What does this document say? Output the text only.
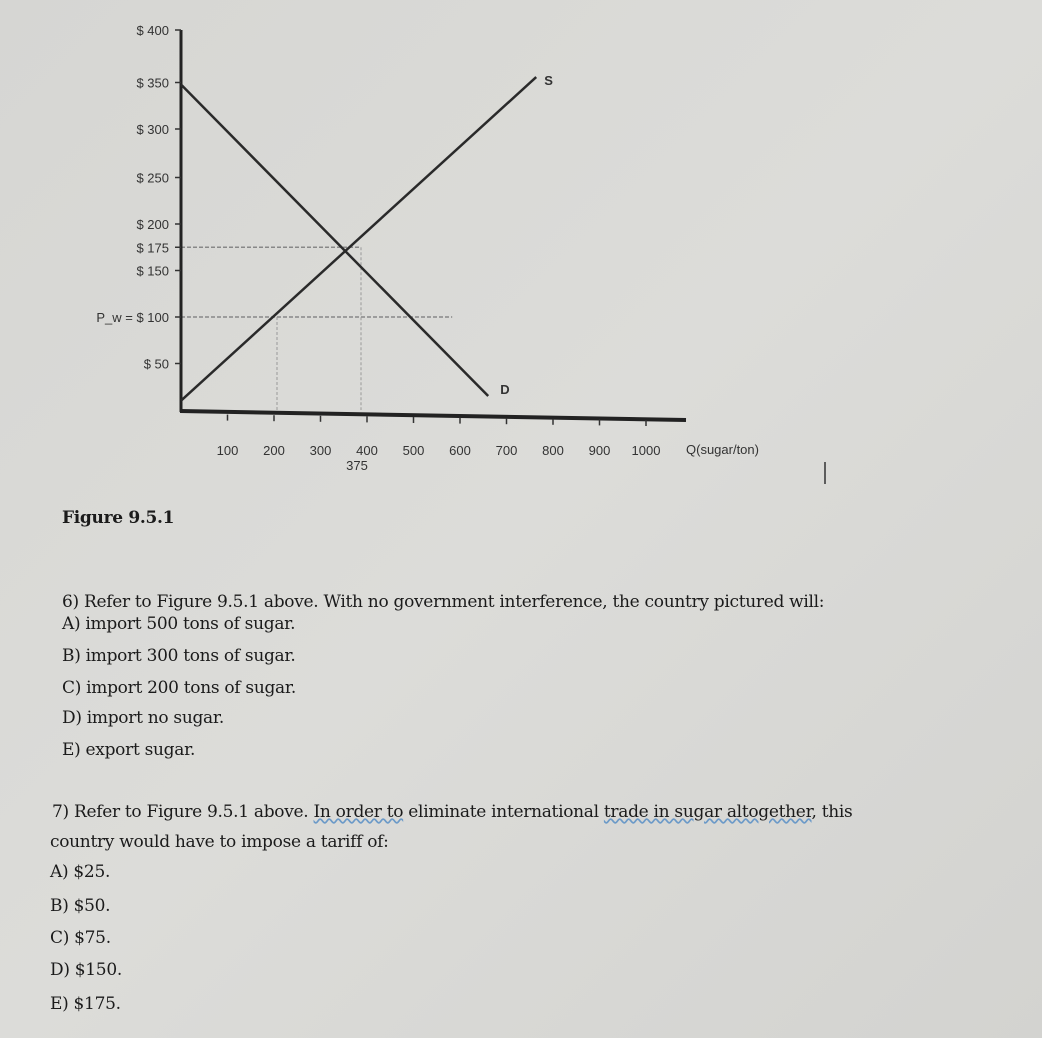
$ 400
$ 350
$ 300
$ 250
$ 200
$ 175
$ 150
P_w = $ 100
$ 50
100 200 300 400 500 600 700 800 900 1000
375
Q(sugar/ton)
D
S
Figure 9.5.1
6) Refer to Figure 9.5.1 above. With no government interference, the country pictured will:
A) import 500 tons of sugar.
B) import 300 tons of sugar.
C) import 200 tons of sugar.
D) import no sugar.
E) export sugar.
7) Refer to Figure 9.5.1 above. In order to eliminate international trade in sugar altogether, this
country would have to impose a tariff of:
A) $25.
B) $50.
C) $75.
D) $150.
E) $175.
